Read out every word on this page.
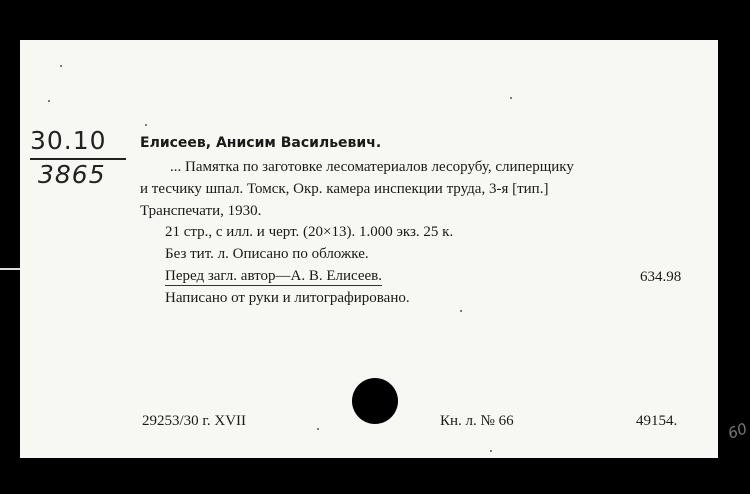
30.10
3865
Елисеев, Анисим Васильевич.
... Памятка по заготовке лесоматериалов лесорубу, слиперщику
и тесчику шпал. Томск, Окр. камера инспекции труда, 3-я [тип.]
Транспечати, 1930.
21 стр., с илл. и черт. (20×13). 1.000 экз. 25 к.
Без тит. л. Описано по обложке.
Перед загл. автор—А. В. Елисеев.
Написано от руки и литографировано.
634.98
29253/30 г. XVII	Кн. л. № 66	49154.	60
